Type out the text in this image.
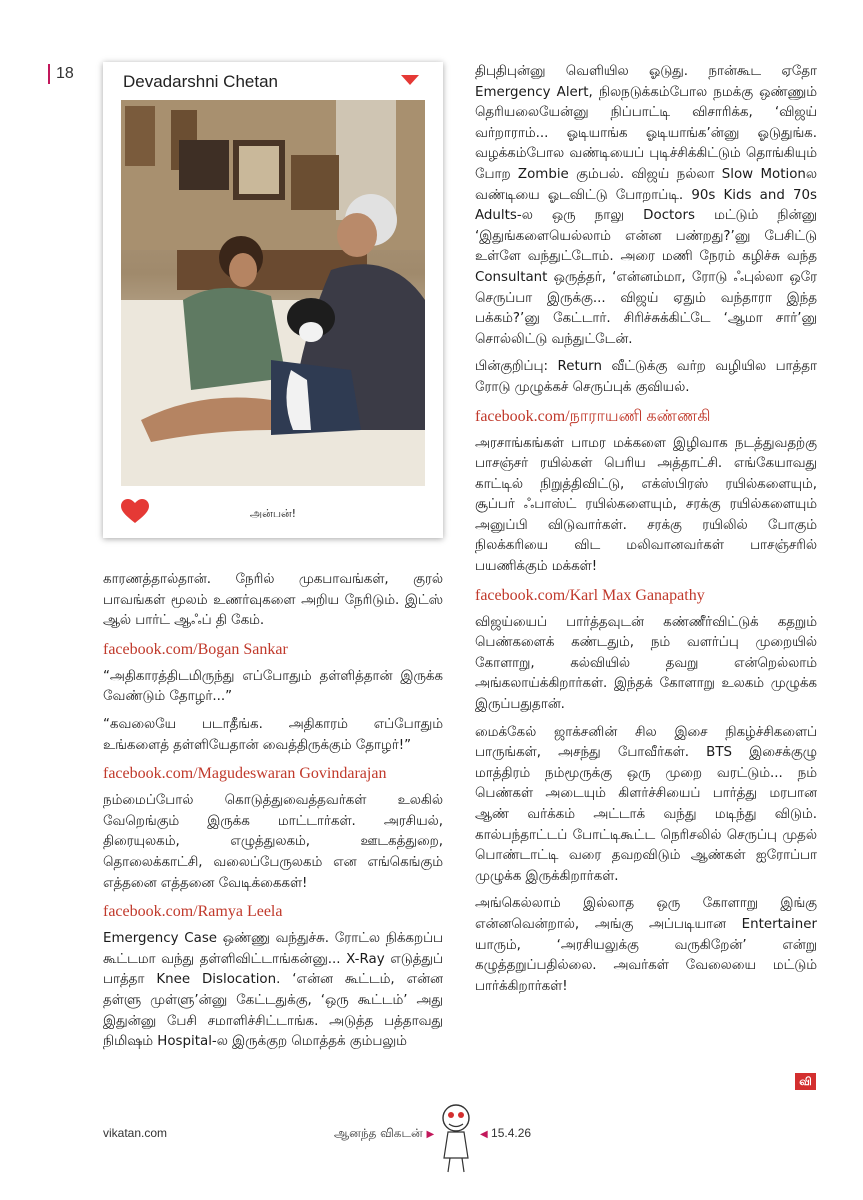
18	Devadarshni Chetan
அன்பன்!

காரணத்தால்தான். நேரில் முகபாவங்கள், குரல் பாவங்கள் மூலம் உணர்வுகளை அறிய நேரிடும். இட்ஸ் ஆல் பார்ட் ஆஃப் தி கேம்.

facebook.com/Bogan Sankar

“அதிகாரத்திடமிருந்து எப்போதும் தள்ளித்தான் இருக்க வேண்டும் தோழர்...”

“கவலையே படாதீங்க. அதிகாரம் எப்போதும் உங்களைத் தள்ளியேதான் வைத்திருக்கும் தோழர்!”

facebook.com/Magudeswaran Govindarajan

நம்மைப்போல் கொடுத்துவைத்தவர்கள் உலகில் வேறெங்கும் இருக்க மாட்டார்கள். அரசியல், திரையுலகம், எழுத்துலகம், ஊடகத்துறை, தொலைக்காட்சி, வலைப்பேருலகம் என எங்கெங்கும் எத்தனை எத்தனை வேடிக்கைகள்!

facebook.com/Ramya Leela

Emergency Case ஒண்ணு வந்துச்சு. ரோட்ல நிக்கறப்ப கூட்டமா வந்து தள்ளிவிட்டாங்கன்னு... X-Ray எடுத்துப் பாத்தா Knee Dislocation. ‘என்ன கூட்டம், என்ன தள்ளு முள்ளு’ன்னு கேட்டதுக்கு, ‘ஒரு கூட்டம்’ அது இதுன்னு பேசி சமாளிச்சிட்டாங்க. அடுத்த பத்தாவது நிமிஷம் Hospital-ல இருக்குற மொத்தக் கும்பலும்

திபுதிபுன்னு வெளியில ஓடுது. நான்கூட ஏதோ Emergency Alert, நிலநடுக்கம்போல நமக்கு ஒண்ணும் தெரியலையேன்னு நிப்பாட்டி விசாரிக்க, ‘விஜய் வர்றாராம்... ஓடியாங்க ஓடியாங்க’ன்னு ஓடுதுங்க. வழக்கம்போல வண்டியைப் புடிச்சிக்கிட்டும் தொங்கியும் போற Zombie கும்பல். விஜய் நல்லா Slow Motionல வண்டியை ஓடவிட்டு போறாப்டி. 90s Kids and 70s Adults-ல ஒரு நாலு Doctors மட்டும் நின்னு ‘இதுங்களையெல்லாம் என்ன பண்றது?’னு பேசிட்டு உள்ளே வந்துட்டோம். அரை மணி நேரம் கழிச்சு வந்த Consultant ஒருத்தர், ‘என்னம்மா, ரோடு ஃபுல்லா ஒரே செருப்பா இருக்கு... விஜய் ஏதும் வந்தாரா இந்த பக்கம்?’னு கேட்டார். சிரிச்சுக்கிட்டே ‘ஆமா சார்’னு சொல்லிட்டு வந்துட்டேன்.

பின்குறிப்பு: Return வீட்டுக்கு வர்ற வழியில பாத்தா ரோடு முழுக்கச் செருப்புக் குவியல்.

facebook.com/நாராயணி கண்ணகி

அரசாங்கங்கள் பாமர மக்களை இழிவாக நடத்துவதற்கு பாசஞ்சர் ரயில்கள் பெரிய அத்தாட்சி. எங்கேயாவது காட்டில் நிறுத்திவிட்டு, எக்ஸ்பிரஸ் ரயில்களையும், சூப்பர் ஃபாஸ்ட் ரயில்களையும், சரக்கு ரயில்களையும் அனுப்பி விடுவார்கள். சரக்கு ரயிலில் போகும் நிலக்கரியை விட மலிவானவர்கள் பாசஞ்சரில் பயணிக்கும் மக்கள்!

facebook.com/Karl Max Ganapathy

விஜய்யைப் பார்த்தவுடன் கண்ணீர்விட்டுக் கதறும் பெண்களைக் கண்டதும், நம் வளர்ப்பு முறையில் கோளாறு, கல்வியில் தவறு என்றெல்லாம் அங்கலாய்க்கிறார்கள். இந்தக் கோளாறு உலகம் முழுக்க இருப்பதுதான்.

மைக்கேல் ஜாக்சனின் சில இசை நிகழ்ச்சிகளைப் பாருங்கள், அசந்து போவீர்கள். BTS இசைக்குழு மாத்திரம் நம்மூருக்கு ஒரு முறை வரட்டும்... நம் பெண்கள் அடையும் கிளர்ச்சியைப் பார்த்து மரபான ஆண் வர்க்கம் அட்டாக் வந்து மடிந்து விடும். கால்பந்தாட்டப் போட்டிகூட்ட நெரிசலில் செருப்பு முதல் பொண்டாட்டி வரை தவறவிடும் ஆண்கள் ஐரோப்பா முழுக்க இருக்கிறார்கள்.

அங்கெல்லாம் இல்லாத ஒரு கோளாறு இங்கு என்னவென்றால், அங்கு அப்படியான Entertainer யாரும், ‘அரசியலுக்கு வருகிறேன்’ என்று கழுத்தறுப்பதில்லை. அவர்கள் வேலையை மட்டும் பார்க்கிறார்கள்!

வி
vikatan.com	ஆனந்த விகடன் ▶	◀ 15.4.26
